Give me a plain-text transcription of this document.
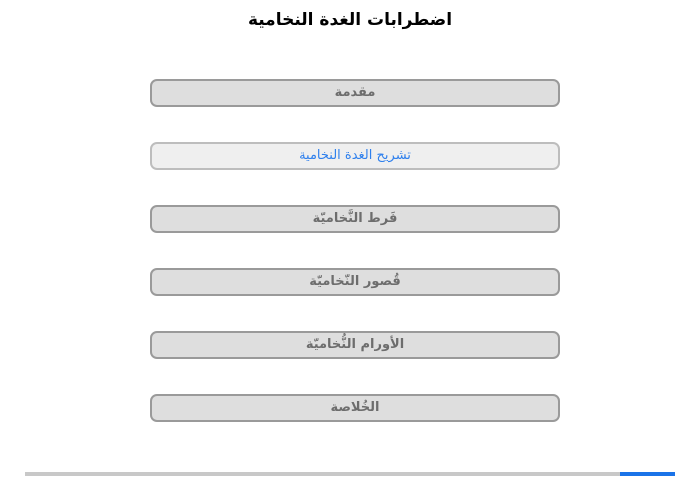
اضطرابات الغدة النخامية
مقدمة
تشريح الغدة النخامية
فَرط النَّخاميّة
قُصور النّخاميّة
الأورام النُّخاميّة
الخُلاصة
